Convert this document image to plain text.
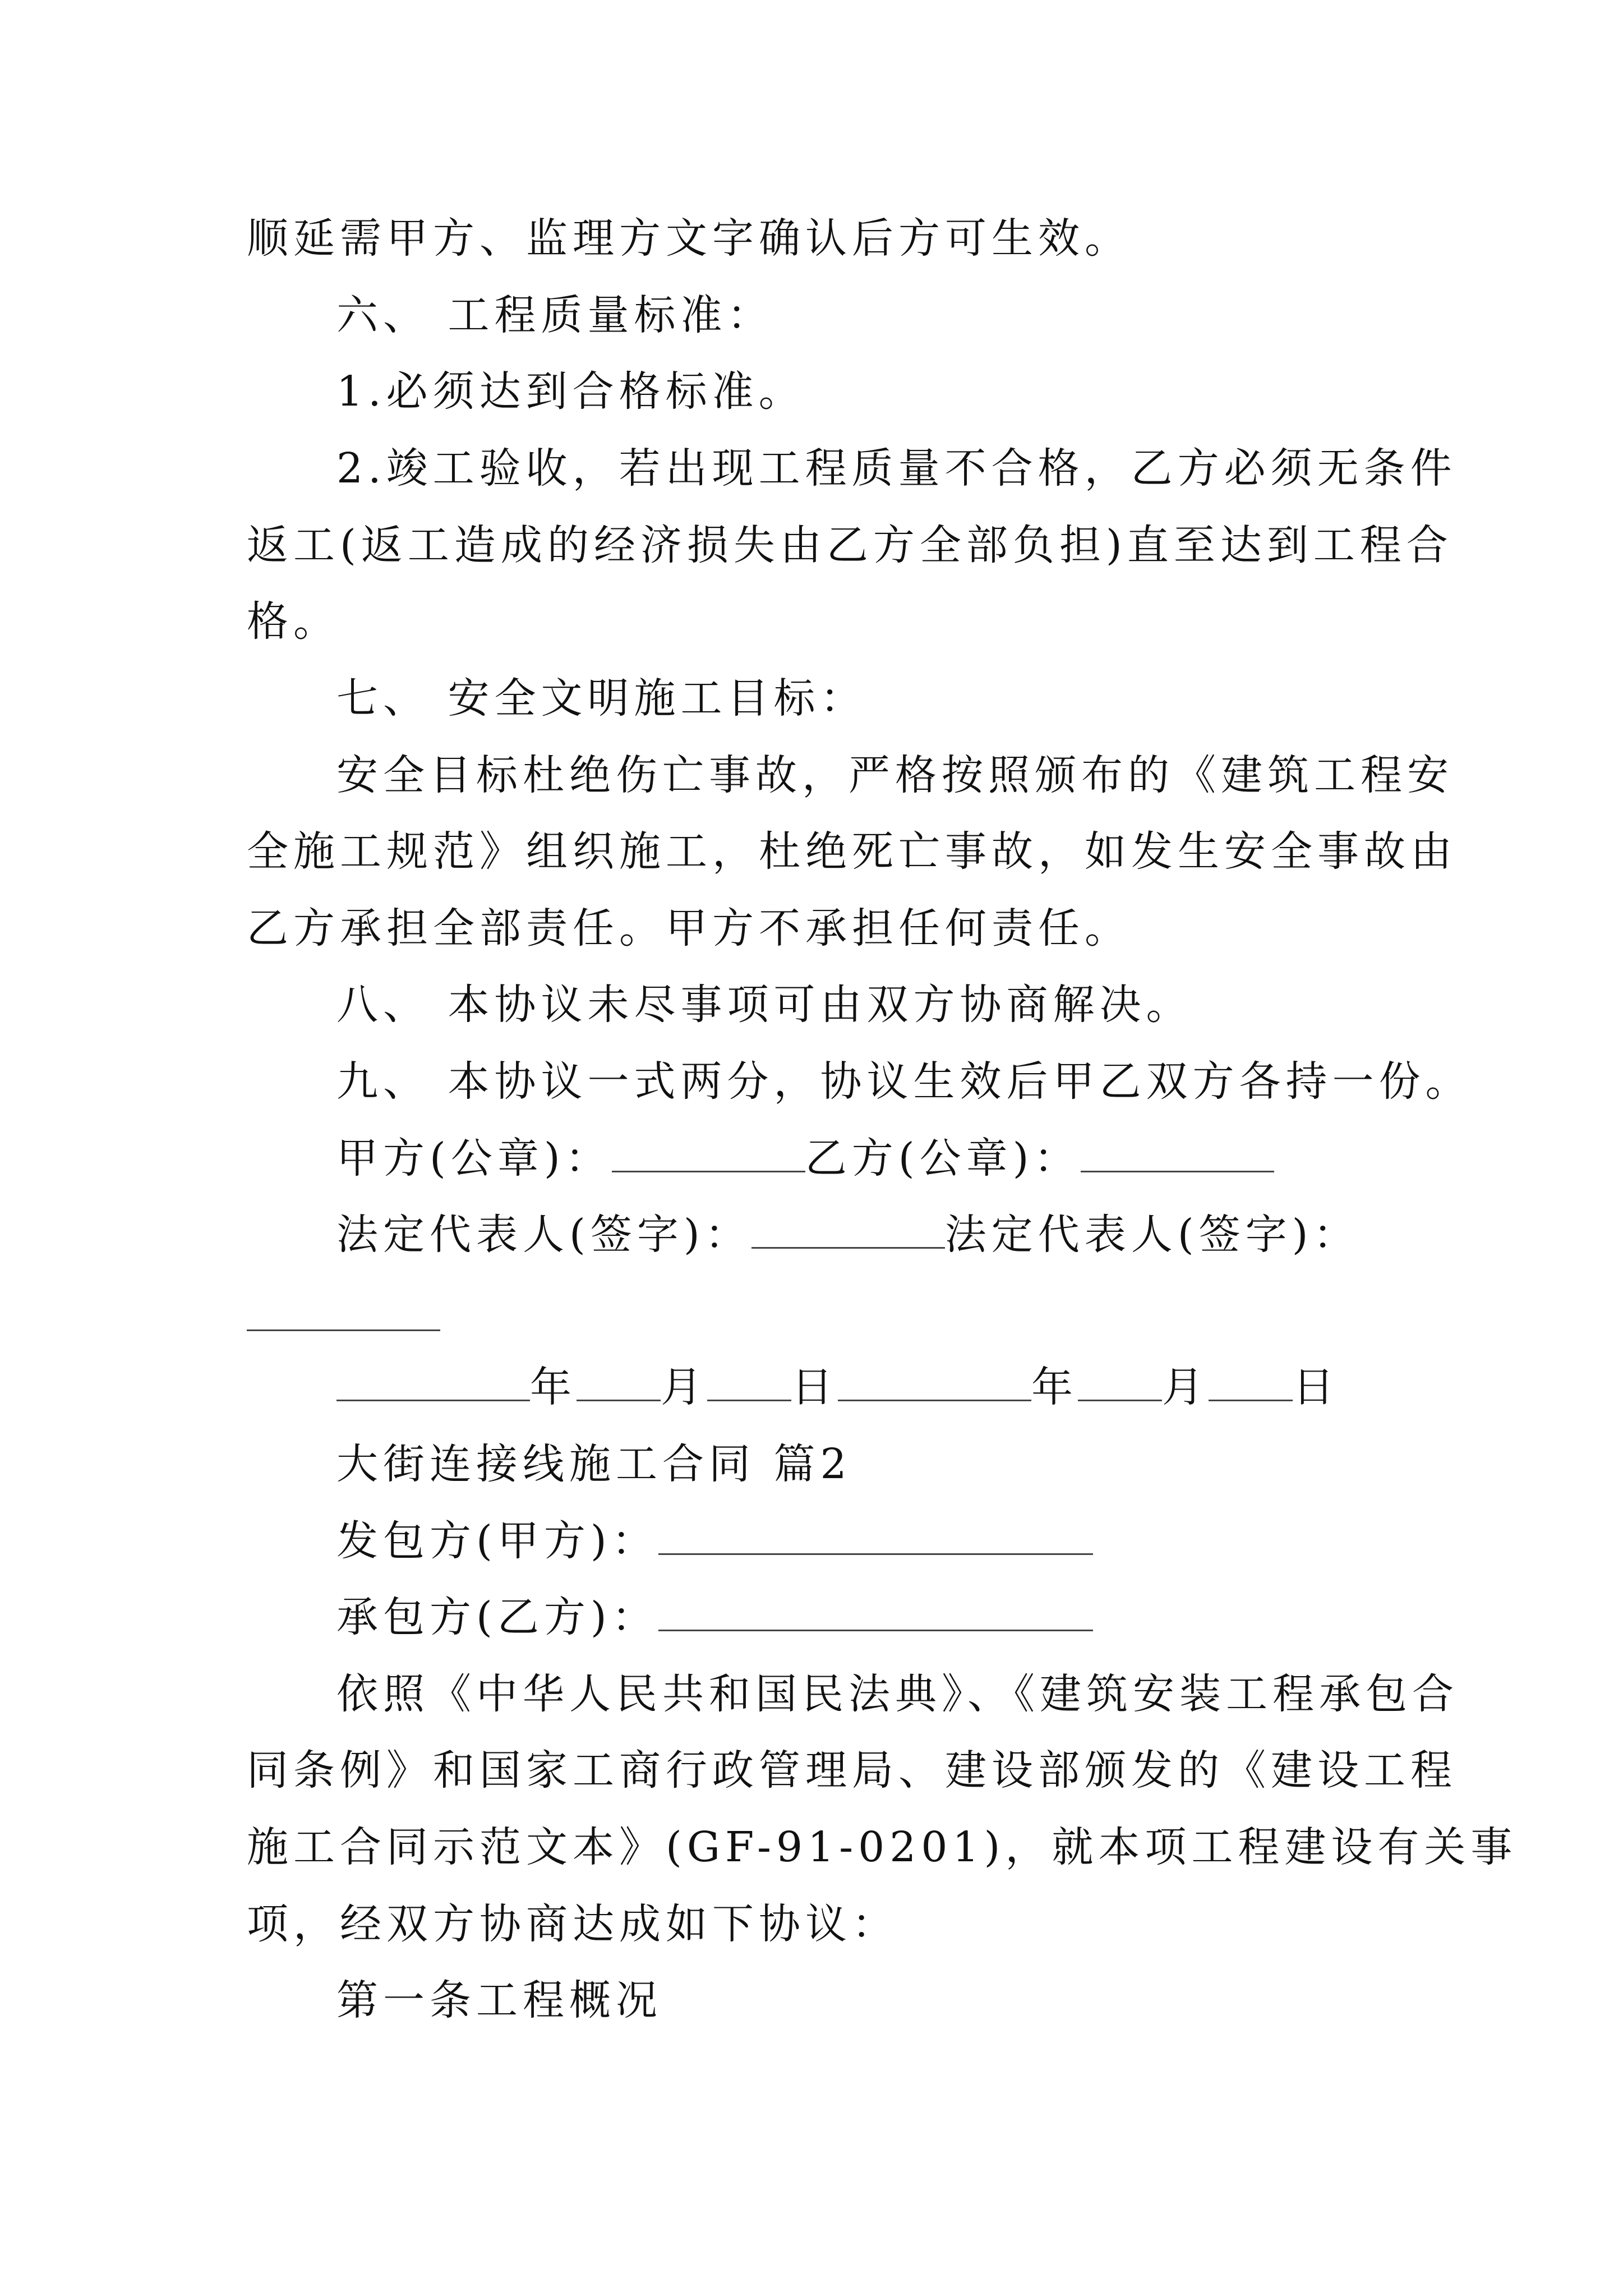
顺延需甲方、监理方文字确认后方可生效。
六、 工程质量标准：
1.必须达到合格标准。
2.竣工验收，若出现工程质量不合格，乙方必须无条件
返工(返工造成的经济损失由乙方全部负担)直至达到工程合
格。
七、 安全文明施工目标：
安全目标杜绝伤亡事故，严格按照颁布的《建筑工程安
全施工规范》组织施工，杜绝死亡事故，如发生安全事故由
乙方承担全部责任。甲方不承担任何责任。
八、 本协议未尽事项可由双方协商解决。
九、 本协议一式两分，协议生效后甲乙双方各持一份。
甲方(公章)：	乙方(公章)：
法定代表人(签字)：	法定代表人(签字)：
年 月 日	年 月 日
大街连接线施工合同 篇2
发包方(甲方)：
承包方(乙方)：
依照《中华人民共和国民法典》、《建筑安装工程承包合
同条例》和国家工商行政管理局、建设部颁发的《建设工程
施工合同示范文本》(GF-91-0201)，就本项工程建设有关事
项，经双方协商达成如下协议：
第一条工程概况
